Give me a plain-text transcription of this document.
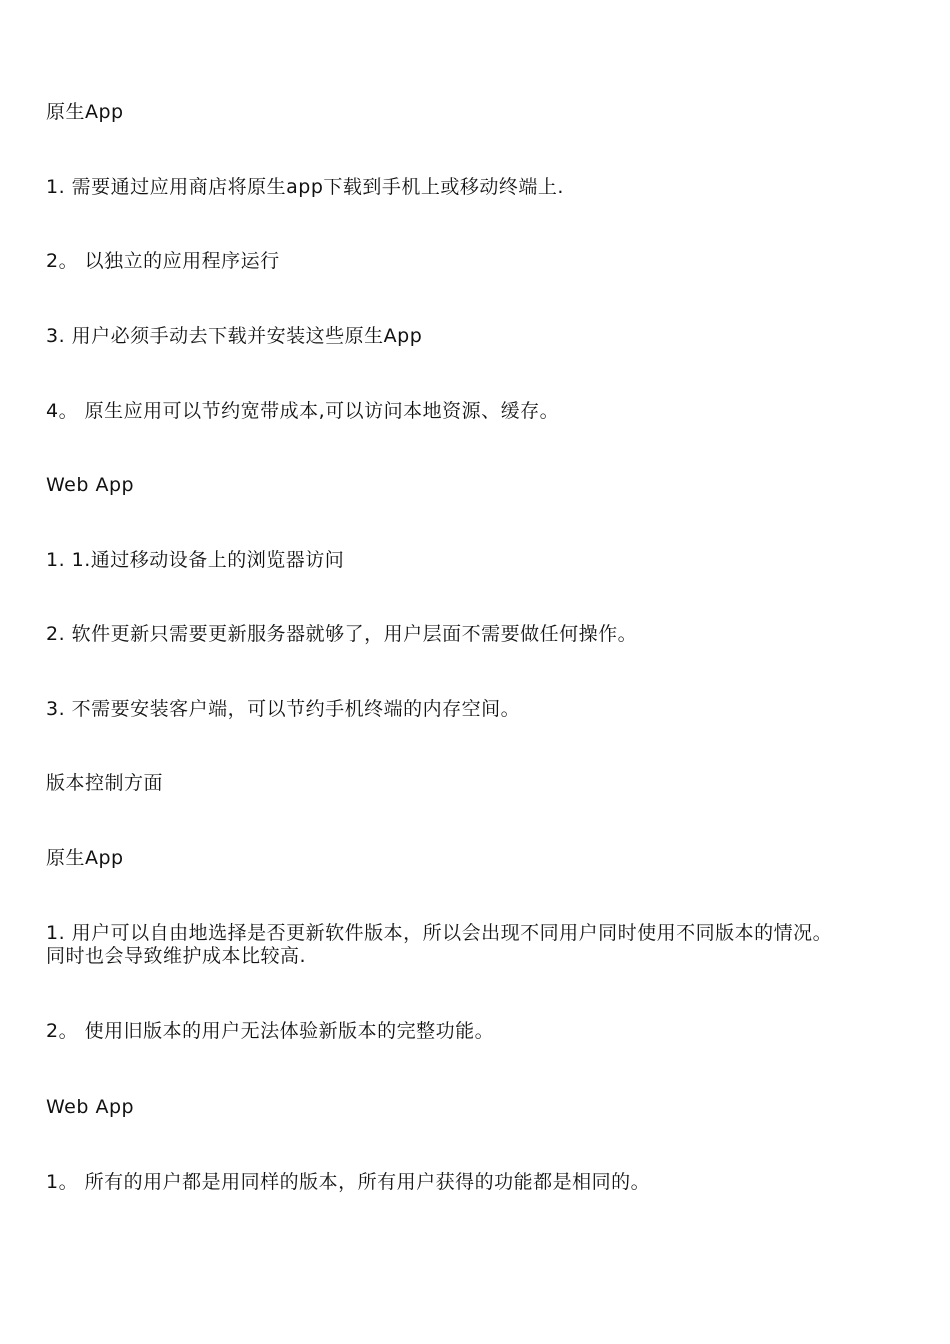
原生App
1. 需要通过应用商店将原生app下载到手机上或移动终端上.
2。 以独立的应用程序运行
3. 用户必须手动去下载并安装这些原生App
4。 原生应用可以节约宽带成本,可以访问本地资源、缓存。
Web App
1. 1.通过移动设备上的浏览器访问
2. 软件更新只需要更新服务器就够了，用户层面不需要做任何操作。
3. 不需要安装客户端，可以节约手机终端的内存空间。
版本控制方面
原生App
1. 用户可以自由地选择是否更新软件版本，所以会出现不同用户同时使用不同版本的情况。
同时也会导致维护成本比较高.
2。 使用旧版本的用户无法体验新版本的完整功能。
Web App
1。 所有的用户都是用同样的版本，所有用户获得的功能都是相同的。
